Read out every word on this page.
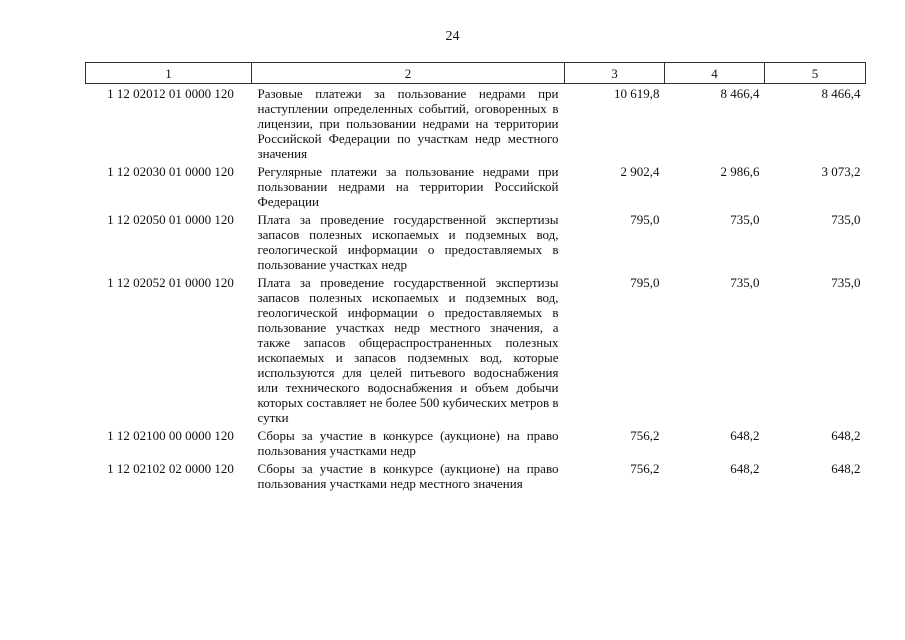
24
1	2	3	4	5
1 12 02012 01 0000 120	Разовые платежи за пользование недрами при наступлении определенных событий, оговоренных в лицензии, при пользовании недрами на территории Российской Федерации по участкам недр местного значения	10 619,8	8 466,4	8 466,4
1 12 02030 01 0000 120	Регулярные платежи за пользование недрами при пользовании недрами на территории Российской Федерации	2 902,4	2 986,6	3 073,2
1 12 02050 01 0000 120	Плата за проведение государственной экспертизы запасов полезных ископаемых и подземных вод, геологической информации о предоставляемых в пользование участках недр	795,0	735,0	735,0
1 12 02052 01 0000 120	Плата за проведение государственной экспертизы запасов полезных ископаемых и подземных вод, геологической информации о предоставляемых в пользование участках недр местного значения, а также запасов общераспространенных полезных ископаемых и запасов подземных вод, которые используются для целей питьевого водоснабжения или технического водоснабжения и объем добычи которых составляет не более 500 кубических метров в сутки	795,0	735,0	735,0
1 12 02100 00 0000 120	Сборы за участие в конкурсе (аукционе) на право пользования участками недр	756,2	648,2	648,2
1 12 02102 02 0000 120	Сборы за участие в конкурсе (аукционе) на право пользования участками недр местного значения	756,2	648,2	648,2
